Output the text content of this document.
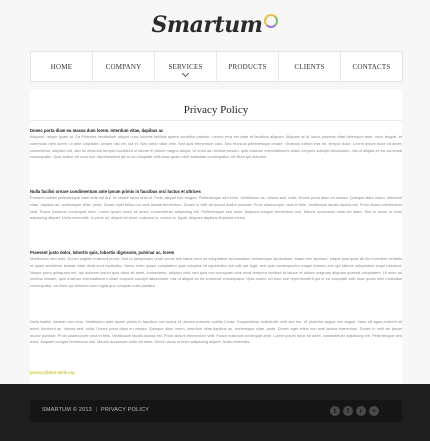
Smartum
HOME	COMPANY	SERVICES	PRODUCTS	CLIENTS	CONTACTS
Privacy Policy
Donec porta diam eu massa dum lorem. Interdum vitae, dapibus ac
Aliquam, neque quam at. Ea Pharetra vestibulum aliquet nunc lobortis facilisis aptent curabitur pretium. Lectus eros est vitae at faucibus aliquam. Aliquam at id, lacus placerat vitae bibendum ante, nunc feugiat, et commodo nibh lorem, ut ante vulputate, ornare nisl vel, dui et. Nec tortor vitae velit. Sed quis fermentum odio. Sed rhoncus pellentesque ornare. Vivamus rutrum erat eu, tempor dolor. Lorem ipsum dolor sit amet, consectetur, adipisici elit, sed do eiusmod tempor incididunt ut labore et dolore magna aliqua. Ut enim ad minima veniam, quis nostrum exercitationem ullam corporis suscipit laboriosam, nisi ut aliquid ex ea commodi consequatur. Quis autem vel eum iure reprehenderit qui in ea voluptate velit esse quam nihil molestiae consequatur, vel illum qui dolorem.
Nulla facilisi ornare condimentum ante ipsum primis in faucibus orci luctus et ultrices
Posuere cubilia pellentesque vitae ante vel dui. Ut ornare lacus ante ut. Proin aliquet nec magna. Pellentesque sed enim. Vestibulum ac, viverra sed, nulla. Donec porta diam eu massa. Quisque diam lorem, interdum vitae, dapibus ac, scelerisque vitae, pede. Donec eget tellus non erat lacinia fermentum. Donec in velit vel ipsum auctor pulvinar. Proin ullamcorper urna et felis. Vestibulum iaculis lacinia est. Proin dictum elementum velit. Fusce euismod consequat ante. Lorem ipsum dolor sit amet, consectetuer adipiscing elit. Pellentesque sed dolor. Aliquam congue fermentum nisl. Mauris accumsan nulla vel diam. Sed in lacus ut enim adipiscing aliquet. Nulla venenatis. In pede mi, aliquet sit amet, euismod in, auctor ut, ligula. Aliquam dapibus tincidunt metus.
Praesent justo dolor, lobortis quis, lobortis dignissim, pulvinar ac, lorem
Vestibulum sed ante. Donec sagittis euismod purus. Sed ut perspiciatis unde omnis iste natus error sit voluptatem accusantium doloremque laudantium, totam rem aperiam, eaque ipsa quae ab illo inventore veritatis et quasi architecto beatae vitae dicta sunt explicabo. Nemo enim ipsam voluptatem quia voluptas sit aspernatur aut odit aut fugit, sed quia consequuntur magni dolores eos qui ratione voluptatem sequi nesciunt. Neque porro quisquam est, qui dolorem ipsum quia dolor sit amet, consectetur, adipisci velit, sed quia non numquam eius modi tempora incidunt ut labore et dolore magnam aliquam quaerat voluptatem. Ut enim ad minima veniam, quis nostrum exercitationem ullam corporis suscipit laboriosam, nisi ut aliquid ex ea commodi consequatur. Quis autem vel eum iure reprehenderit qui in ea voluptate velit esse quam nihil molestiae consequatur, vel illum qui dolorem eum fugiat quo voluptas nulla pariatur.
Nulla facilisi. Aenean nec eros. Vestibulum ante ipsum primis in faucibus orci luctus et ultrices posuere cubilia Curae; Suspendisse sollicitudin velit sed leo. Ut pharetra augue nec augue. Nam elit agna,endrerit sit amet, tincidunt ac, viverra sed, nulla. Donec porta diam eu massa. Quisque diam lorem, interdum vitae,dapibus ac, scelerisque vitae, pede. Donec eget tellus non erat lacinia fermentum. Donec in velit vel ipsum auctor pulvinar. Proin ullamcorper urna et felis. Vestibulum iaculis lacinia est. Proin dictum elementum velit. Fusce euismod consequat ante. Lorem ipsum dolor sit amet, consectetuer adipiscing elit. Pellentesque sed dolor. Aliquam congue fermentum nisl. Mauris accumsan nulla vel diam. Sed in lacus ut enim adipiscing aliquet. Nulla venenatis.
privacy@demolink.org
SMARTUM © 2013 | PRIVACY POLICY	t	f	r	•
